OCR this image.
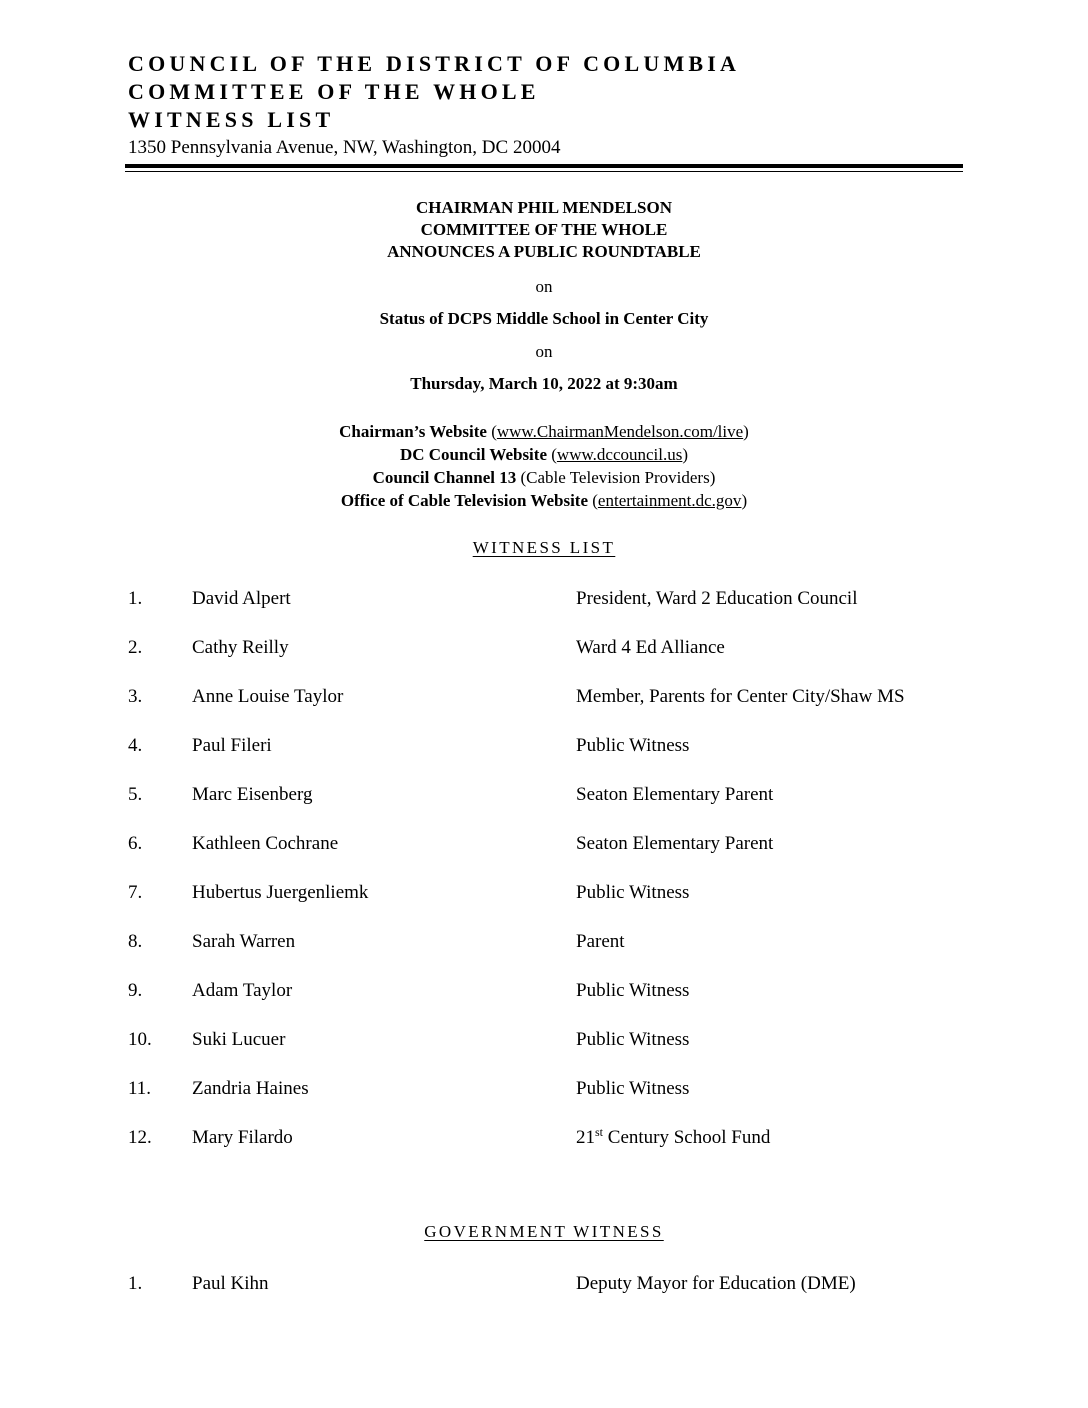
COUNCIL OF THE DISTRICT OF COLUMBIA
COMMITTEE OF THE WHOLE
WITNESS LIST
1350 Pennsylvania Avenue, NW, Washington, DC 20004
CHAIRMAN PHIL MENDELSON
COMMITTEE OF THE WHOLE
ANNOUNCES A PUBLIC ROUNDTABLE
on
Status of DCPS Middle School in Center City
on
Thursday, March 10, 2022 at 9:30am
Chairman’s Website (www.ChairmanMendelson.com/live)
DC Council Website (www.dccouncil.us)
Council Channel 13 (Cable Television Providers)
Office of Cable Television Website (entertainment.dc.gov)
WITNESS LIST
1.	David Alpert	President, Ward 2 Education Council
2.	Cathy Reilly	Ward 4 Ed Alliance
3.	Anne Louise Taylor	Member, Parents for Center City/Shaw MS
4.	Paul Fileri	Public Witness
5.	Marc Eisenberg	Seaton Elementary Parent
6.	Kathleen Cochrane	Seaton Elementary Parent
7.	Hubertus Juergenliemk	Public Witness
8.	Sarah Warren	Parent
9.	Adam Taylor	Public Witness
10. Suki Lucuer	Public Witness
11. Zandria Haines	Public Witness
12. Mary Filardo	21st Century School Fund
GOVERNMENT WITNESS
1.	Paul Kihn	Deputy Mayor for Education (DME)
